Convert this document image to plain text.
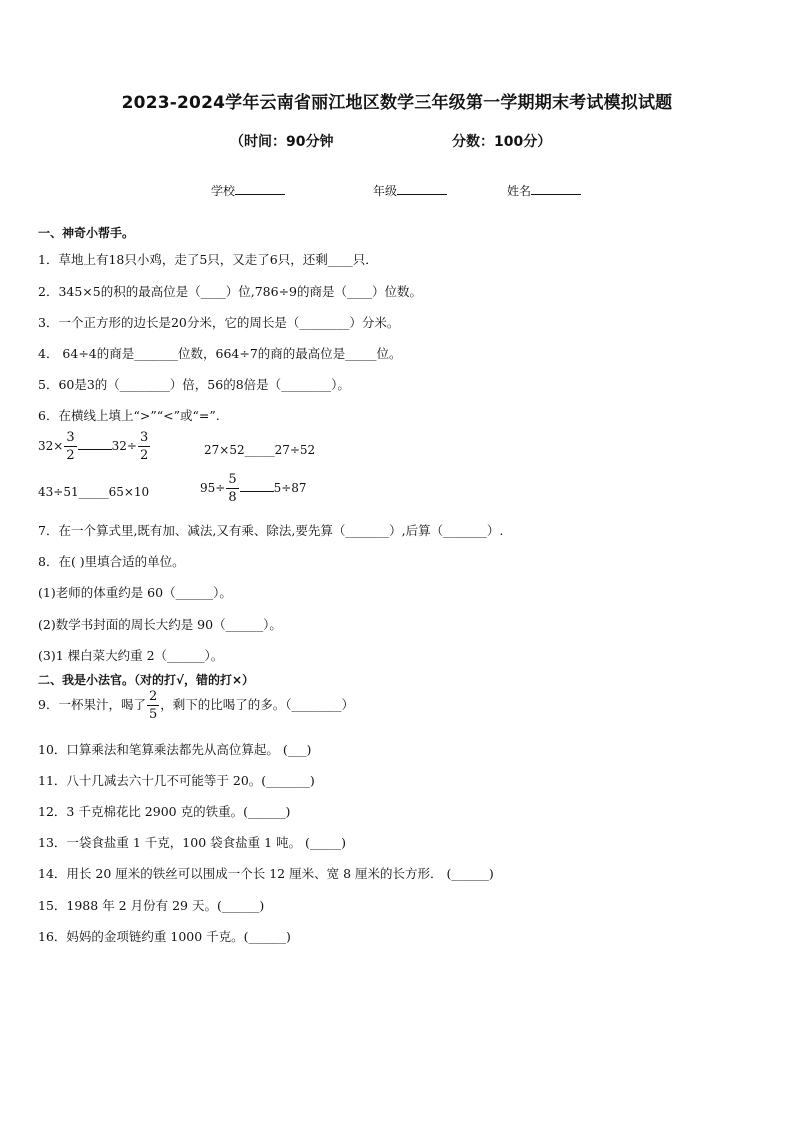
2023-2024学年云南省丽江地区数学三年级第一学期期末考试模拟试题
（时间：90分钟	分数：100分）
学校	年级	姓名
一、神奇小帮手。
1．草地上有18只小鸡，走了5只，又走了6只，还剩____只．
2．345×5的积的最高位是（____）位,786÷9的商是（____）位数。
3．一个正方形的边长是20分米，它的周长是（________）分米。
4． 64÷4的商是_______位数，664÷7的商的最高位是_____位。
5．60是3的（________）倍，56的8倍是（________）。
6．在横线上填上“>”“<”或“=”.
$32\times \frac{3}{2}$	$32\div \frac{3}{2}$	27×52_____27÷52
43÷51_____65×10	$95\div \frac{5}{8}$	5÷87
7．在一个算式里,既有加、减法,又有乘、除法,要先算（_______）,后算（_______）.
8．在( )里填合适的单位。
(1)老师的体重约是 60（______）。
(2)数学书封面的周长大约是 90（______）。
(3)1 棵白菜大约重 2（______）。
二、我是小法官。（对的打√，错的打×）
9．一杯果汁，喝了 $\frac{2}{5}$ ，剩下的比喝了的多。（________）
10．口算乘法和笔算乘法都先从高位算起。 (___)
11．八十几减去六十几不可能等于 20。(_______)
12．3 千克棉花比 2900 克的铁重。(______)
13．一袋食盐重 1 千克，100 袋食盐重 1 吨。 (_____)
14．用长 20 厘米的铁丝可以围成一个长 12 厘米、宽 8 厘米的长方形． (______)
15．1988 年 2 月份有 29 天。(______)
16．妈妈的金项链约重 1000 千克。(______)
